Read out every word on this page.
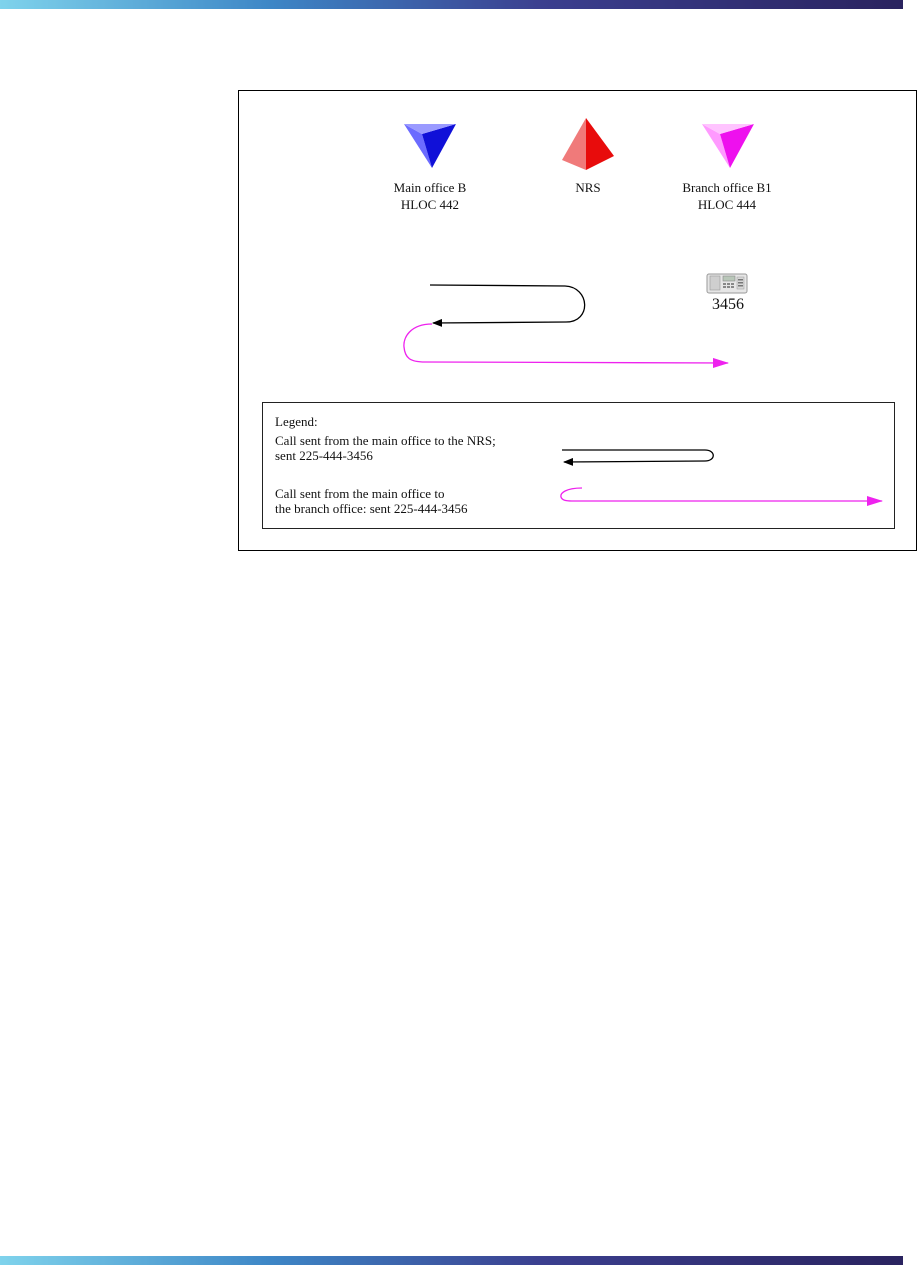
Main office B
HLOC 442
NRS	Branch office B1
HLOC 444
3456
Legend:
Call sent from the main office to the NRS;
sent 225-444-3456
Call sent from the main office to
the branch office: sent 225-444-3456
